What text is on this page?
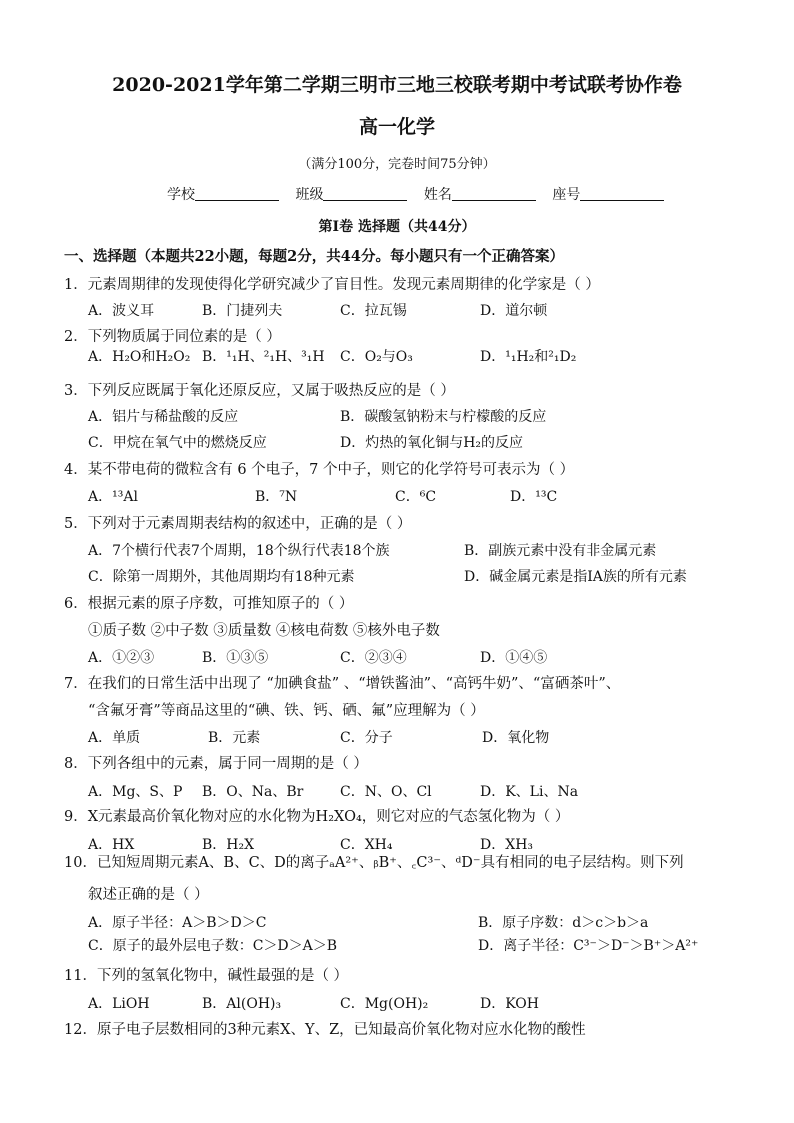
2020-2021学年第二学期三明市三地三校联考期中考试联考协作卷
高一化学
（满分100分，完卷时间75分钟）
学校	班级	姓名	座号
第Ⅰ卷 选择题（共44分）
一、选择题（本题共22小题，每题2分，共44分。每小题只有一个正确答案）
1．元素周期律的发现使得化学研究减少了盲目性。发现元素周期律的化学家是（ ）
A．波义耳	B．门捷列夫	C．拉瓦锡	D．道尔顿
2．下列物质属于同位素的是（ ）
A．H₂O和H₂O₂ B．¹₁H、²₁H、³₁H C．O₂与O₃	D．¹₁H₂和²₁D₂
3．下列反应既属于氧化还原反应，又属于吸热反应的是（ ）
A．铝片与稀盐酸的反应	B．碳酸氢钠粉末与柠檬酸的反应
C．甲烷在氧气中的燃烧反应	D．灼热的氧化铜与H₂的反应
4．某不带电荷的微粒含有 6 个电子，7 个中子，则它的化学符号可表示为（ ）
A．¹³Al	B．⁷N	C．⁶C	D．¹³C
5．下列对于元素周期表结构的叙述中，正确的是（ ）
A．7个横行代表7个周期，18个纵行代表18个族	B．副族元素中没有非金属元素
C．除第一周期外，其他周期均有18种元素	D．碱金属元素是指ⅠA族的所有元素
6．根据元素的原子序数，可推知原子的（ ）
①质子数 ②中子数 ③质量数 ④核电荷数 ⑤核外电子数
A．①②③	B．①③⑤	C．②③④	D．①④⑤
7．在我们的日常生活中出现了 “加碘食盐” 、“增铁酱油”、“高钙牛奶”、“富硒茶叶”、
“含氟牙膏”等商品这里的“碘、铁、钙、硒、氟”应理解为（ ）
A．单质	B．元素	C．分子	D．氧化物
8．下列各组中的元素，属于同一周期的是（ ）
A．Mg、S、P B．O、Na、Br	C．N、O、Cl	D．K、Li、Na
9．X元素最高价氧化物对应的水化物为H₂XO₄，则它对应的气态氢化物为（ ）
A．HX	B．H₂X	C．XH₄	D．XH₃
10．已知短周期元素A、B、C、D的离子ₐA²⁺、ᵦB⁺、꜀C³⁻、ᵈD⁻具有相同的电子层结构。则下列
叙述正确的是（ ）
A．原子半径：A＞B＞D＞C	B．原子序数：d＞c＞b＞a
C．原子的最外层电子数：C＞D＞A＞B	D．离子半径：C³⁻＞D⁻＞B⁺＞A²⁺
11．下列的氢氧化物中，碱性最强的是（ ）
A．LiOH	B．Al(OH)₃	C．Mg(OH)₂	D．KOH
12．原子电子层数相同的3种元素X、Y、Z，已知最高价氧化物对应水化物的酸性
